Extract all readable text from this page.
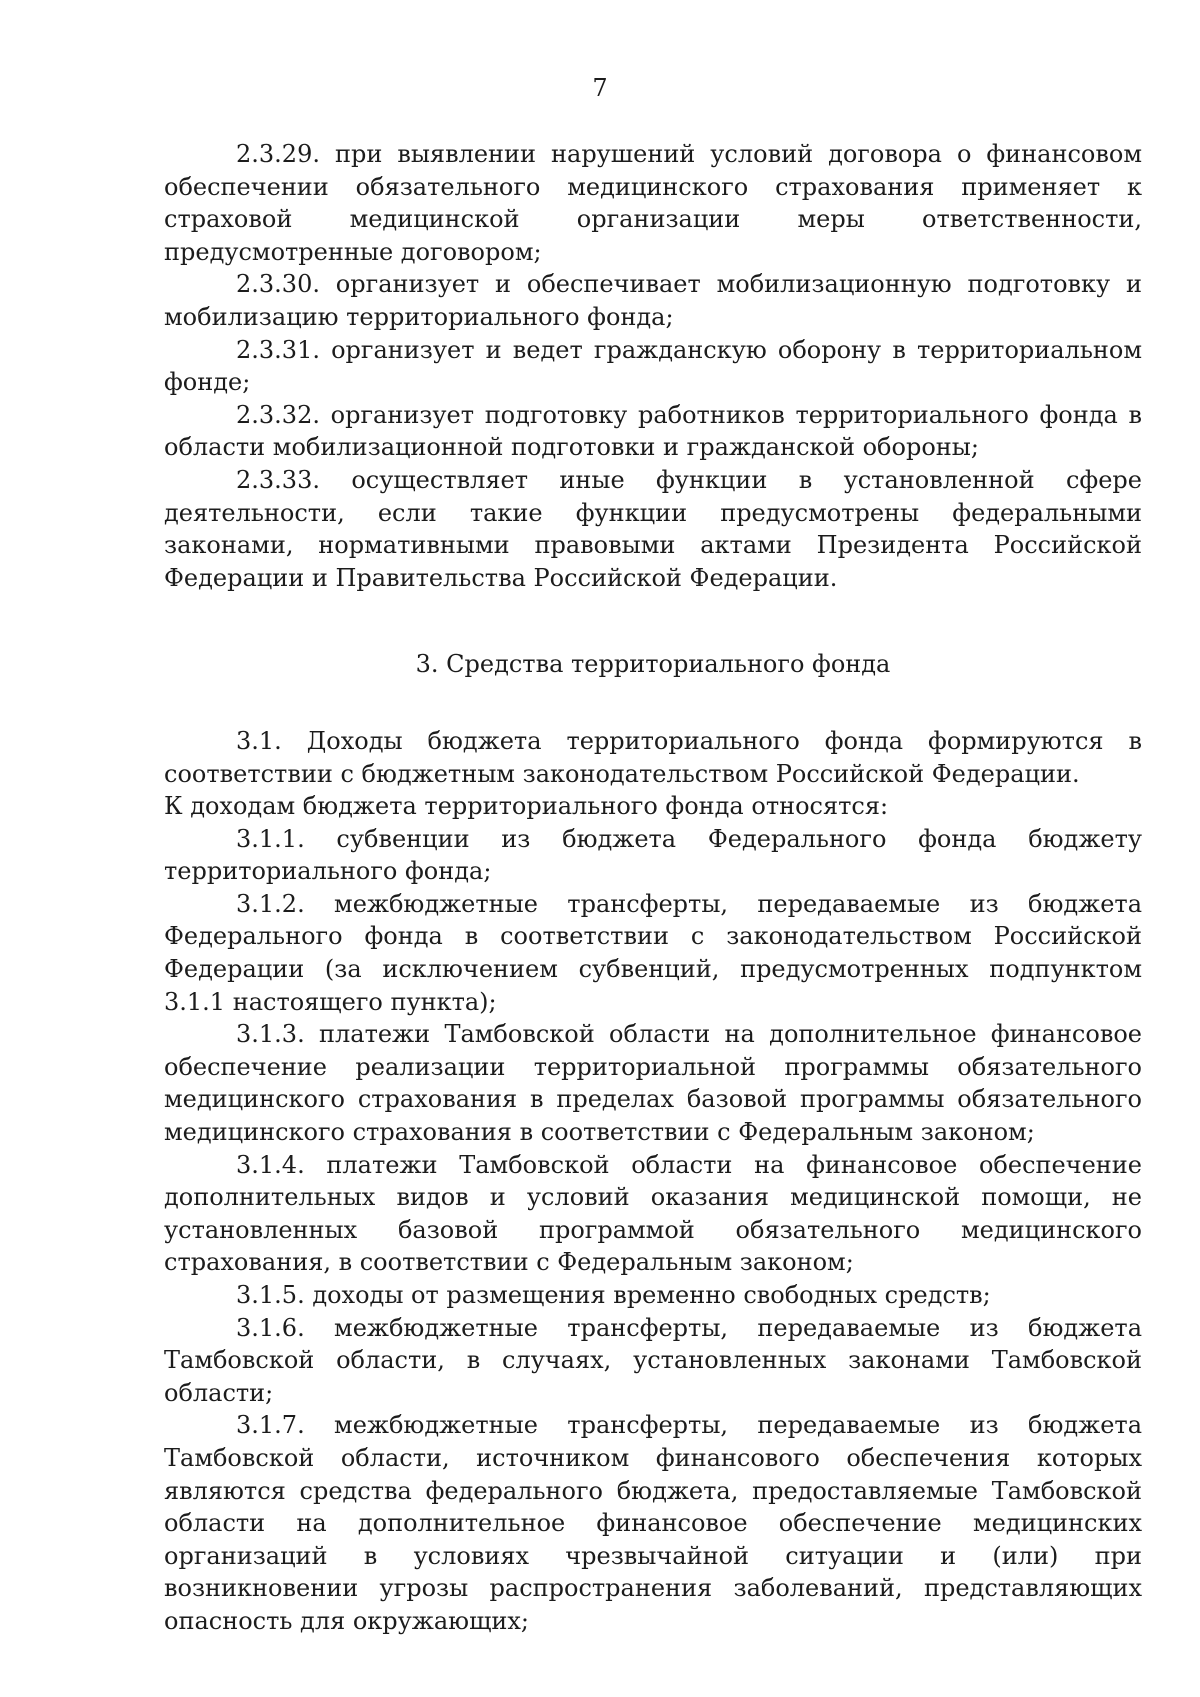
7

2.3.29. при выявлении нарушений условий договора о финансовом обеспечении обязательного медицинского страхования применяет к страховой медицинской организации меры ответственности, предусмотренные договором;

2.3.30. организует и обеспечивает мобилизационную подготовку и мобилизацию территориального фонда;

2.3.31. организует и ведет гражданскую оборону в территориальном фонде;

2.3.32. организует подготовку работников территориального фонда в области мобилизационной подготовки и гражданской обороны;

2.3.33. осуществляет иные функции в установленной сфере деятельности, если такие функции предусмотрены федеральными законами, нормативными правовыми актами Президента Российской Федерации и Правительства Российской Федерации.

3. Средства территориального фонда

3.1. Доходы бюджета территориального фонда формируются в соответствии с бюджетным законодательством Российской Федерации.

К доходам бюджета территориального фонда относятся:

3.1.1. субвенции из бюджета Федерального фонда бюджету территориального фонда;

3.1.2. межбюджетные трансферты, передаваемые из бюджета Федерального фонда в соответствии с законодательством Российской Федерации (за исключением субвенций, предусмотренных подпунктом 3.1.1 настоящего пункта);

3.1.3. платежи Тамбовской области на дополнительное финансовое обеспечение реализации территориальной программы обязательного медицинского страхования в пределах базовой программы обязательного медицинского страхования в соответствии с Федеральным законом;

3.1.4. платежи Тамбовской области на финансовое обеспечение дополнительных видов и условий оказания медицинской помощи, не установленных базовой программой обязательного медицинского страхования, в соответствии с Федеральным законом;

3.1.5. доходы от размещения временно свободных средств;

3.1.6. межбюджетные трансферты, передаваемые из бюджета Тамбовской области, в случаях, установленных законами Тамбовской области;

3.1.7. межбюджетные трансферты, передаваемые из бюджета Тамбовской области, источником финансового обеспечения которых являются средства федерального бюджета, предоставляемые Тамбовской области на дополнительное финансовое обеспечение медицинских организаций в условиях чрезвычайной ситуации и (или) при возникновении угрозы распространения заболеваний, представляющих опасность для окружающих;
